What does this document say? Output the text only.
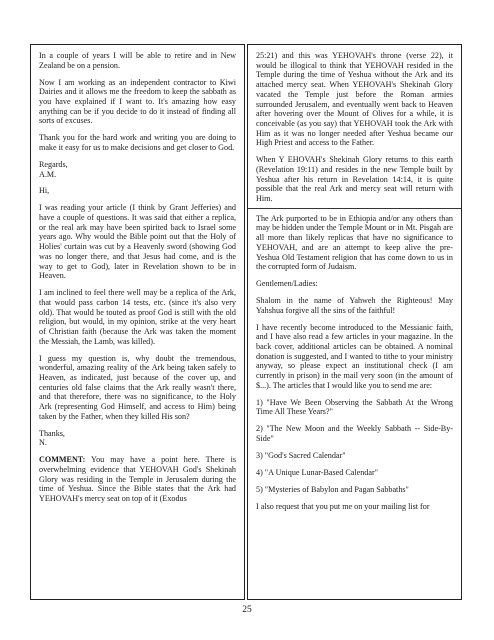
In a couple of years I will be able to retire and in New Zealand be on a pension.

Now I am working as an independent contractor to Kiwi Dairies and it allows me the freedom to keep the sabbath as you have explained if I want to. It's amazing how easy anything can be if you decide to do it instead of finding all sorts of excuses.

Thank you for the hard work and writing you are doing to make it easy for us to make decisions and get closer to God.

Regards,
A.M.

Hi,

I was reading your article (I think by Grant Jefferies) and have a couple of questions. It was said that either a replica, or the real ark may have been spirited back to Israel some years ago. Why would the Bible point out that the Holy of Holies' curtain was cut by a Heavenly sword (showing God was no longer there, and that Jesus had come, and is the way to get to God), later in Revelation shown to be in Heaven.

I am inclined to feel there well may be a replica of the Ark, that would pass carbon 14 tests, etc. (since it's also very old). That would be touted as proof God is still with the old religion, but would, in my opinion, strike at the very heart of Christian faith (because the Ark was taken the moment the Messiah, the Lamb, was killed).

I guess my question is, why doubt the tremendous, wonderful, amazing reality of the Ark being taken safely to Heaven, as indicated, just because of the cover up, and centuries old false claims that the Ark really wasn't there, and that therefore, there was no significance, to the Holy Ark (representing God Himself, and access to Him) being taken by the Father, when they killed His son?

Thanks,
N.

COMMENT: You may have a point here. There is overwhelming evidence that YEHOVAH God's Shekinah Glory was residing in the Temple in Jerusalem during the time of Yeshua. Since the Bible states that the Ark had YEHOVAH's mercy seat on top of it (Exodus

25:21) and this was YEHOVAH's throne (verse 22), it would be illogical to think that YEHOVAH resided in the Temple during the time of Yeshua without the Ark and its attached mercy seat. When YEHOVAH's Shekinah Glory vacated the Temple just before the Roman armies surrounded Jerusalem, and eventually went back to Heaven after hovering over the Mount of Olives for a while, it is conceivable (as you say) that YEHOVAH took the Ark with Him as it was no longer needed after Yeshua became our High Priest and access to the Father.

When Y EHOVAH's Shekinah Glory returns to this earth (Revelation 19:11) and resides in the new Temple built by Yeshua after his return in Revelation 14:14, it is quite possible that the real Ark and mercy seat will return with Him.

The Ark purported to be in Ethiopia and/or any others than may be hidden under the Temple Mount or in Mt. Pisgah are all more than likely replicas that have no significance to YEHOVAH, and are an attempt to keep alive the pre-Yeshua Old Testament religion that has come down to us in the corrupted form of Judaism.

Gentlemen/Ladies:

Shalom in the name of Yahweh the Righteous! May Yahshua forgive all the sins of the faithful!

I have recently become introduced to the Messianic faith, and I have also read a few articles in your magazine. In the back cover, additional articles can be obtained. A nominal donation is suggested, and I wanted to tithe to your ministry anyway, so please expect an institutional check (I am currently in prison) in the mail very soon (in the amount of $...). The articles that I would like you to send me are:

1) "Have We Been Observing the Sabbath At the Wrong Time All These Years?"

2) "The New Moon and the Weekly Sabbath -- Side-By-Side"

3) "God's Sacred Calendar"

4) "A Unique Lunar-Based Calendar"

5) "Mysteries of Babylon and Pagan Sabbaths"

I also request that you put me on your mailing list for

25
